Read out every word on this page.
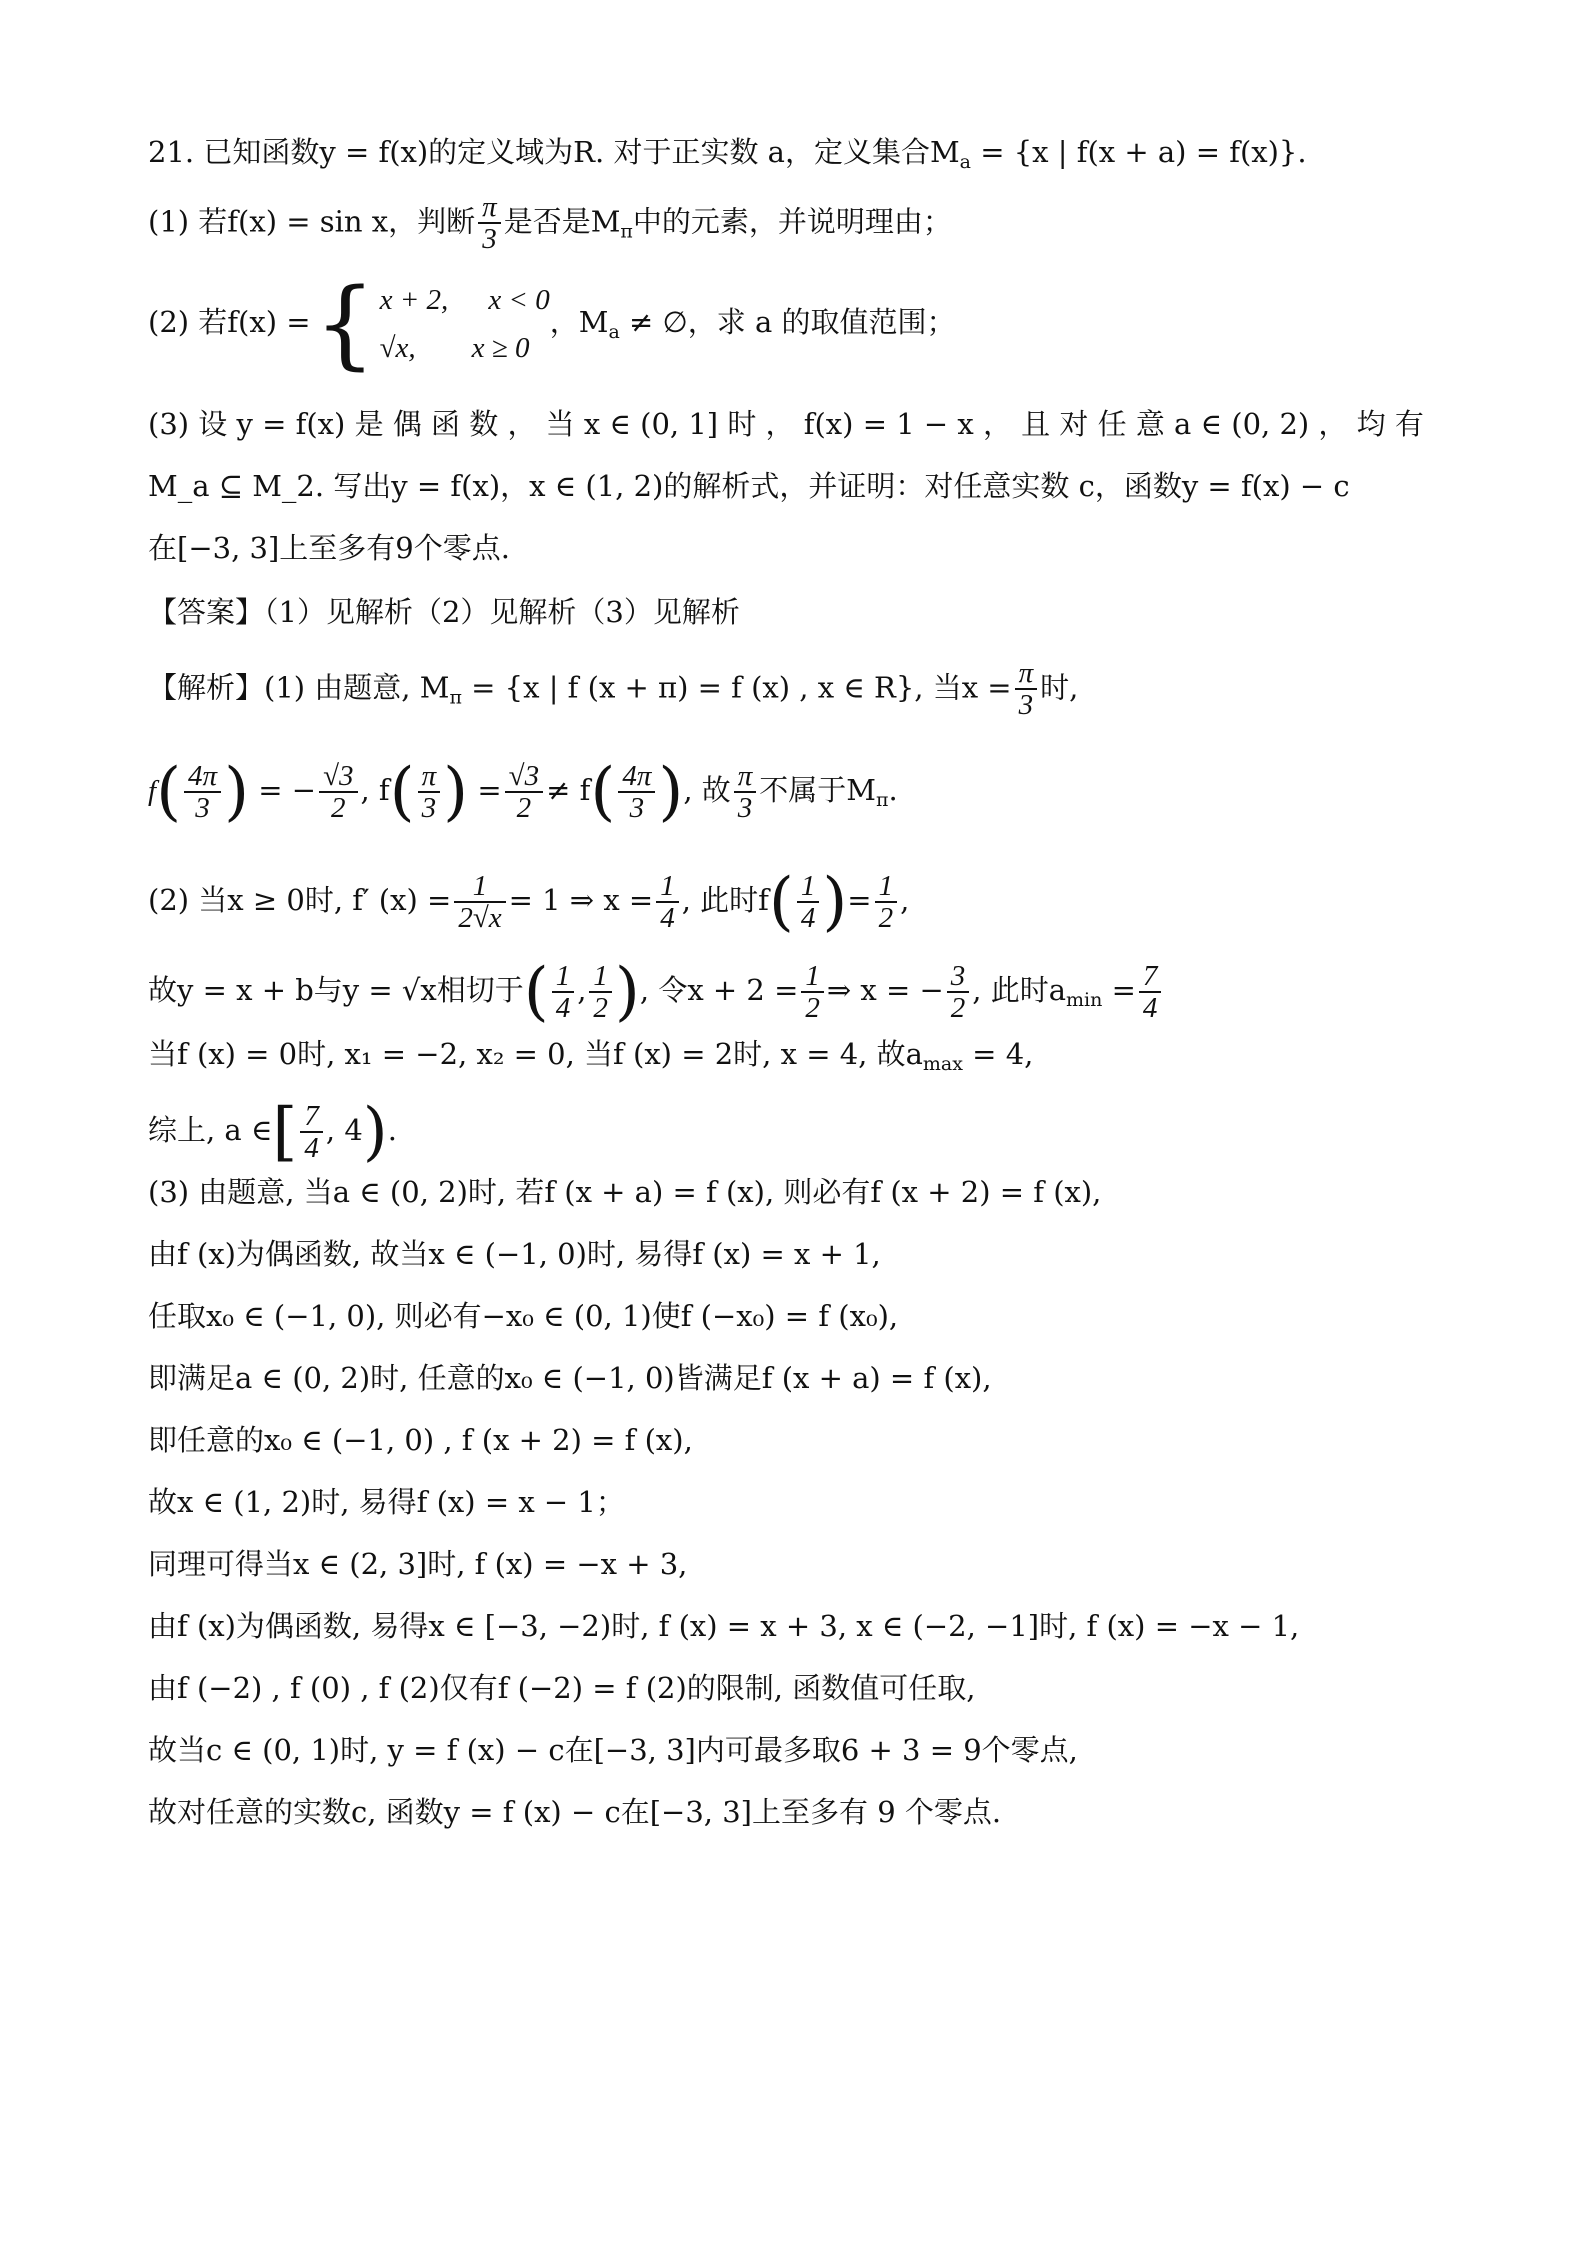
21. 已知函数y = f(x)的定义域为R. 对于正实数 a，定义集合$M_a = \{x$ | f(x + a) = f(x)}.
(1) 若f(x) = sin x，判断 $\frac{\pi}{3}$ 是否是$M_\pi$中的元素，并说明理由；
(2) 若f(x) ={ x + 2, x < 0
√x, x ≥ 0
，$M_a$ ≠ ∅，求 a 的取值范围；
(3) 设 y = f(x) 是 偶 函 数 ， 当 x ∈ (0, 1] 时 ， f(x) = 1 − x ， 且 对 任 意 a ∈ (0, 2) ， 均 有
M_a ⊆ M_2. 写出y = f(x)，x ∈ (1, 2)的解析式，并证明：对任意实数 c，函数y = f(x) − c
在[−3, 3]上至多有9个零点.
【答案】（1）见解析（2）见解析（3）见解析
【解析】(1) 由题意, $M_\pi = \{x$ | f (x + π) = f (x) , x ∈ R}, 当$x = \frac{\pi}{3}$ 时,
$f( \frac{4\pi}{3}$ ) = − $\frac{√3}{2}$ , $f( \frac{\pi}{3}$ ) = $\frac{√3}{2} \ne f( \frac{4\pi}{3}$ ), 故 $\frac{\pi}{3}$ 不属于$M_\pi$.
(2) 当x ≥ 0时, f′ $(x) = \frac{1}{2√x} = 1$ ⇒ $x = \frac{1}{4}$ , 此时$f( \frac{1}{4}$ )= $\frac{1}{2}$ ,
故y = x + b与y = √x相切于( $\frac{1}{4}$ , $\frac{1}{2}$ ), 令$x + 2 = \frac{1}{2}$ ⇒ x = − $\frac{3}{2}$ , 此时$a_{min} = \frac{7}{4}$
当f (x) = 0时, x₁ = −2, x₂ = 0, 当f (x) = 2时, x = 4, 故$a_{max} = 4$,
综上, a ∈[ $\frac{7}{4}$ , 4).
(3) 由题意, 当a ∈ (0, 2)时, 若f (x + a) = f (x), 则必有f (x + 2) = f (x),
由f (x)为偶函数, 故当x ∈ (−1, 0)时, 易得f (x) = x + 1,
任取x₀ ∈ (−1, 0), 则必有−x₀ ∈ (0, 1)使f (−x₀) = f (x₀),
即满足a ∈ (0, 2)时, 任意的x₀ ∈ (−1, 0)皆满足f (x + a) = f (x),
即任意的x₀ ∈ (−1, 0) , f (x + 2) = f (x),
故x ∈ (1, 2)时, 易得f (x) = x − 1；
同理可得当x ∈ (2, 3]时, f (x) = −x + 3,
由f (x)为偶函数, 易得x ∈ [−3, −2)时, f (x) = x + 3, x ∈ (−2, −1]时, f (x) = −x − 1,
由f (−2) , f (0) , f (2)仅有f (−2) = f (2)的限制, 函数值可任取,
故当c ∈ (0, 1)时, y = f (x) − c在[−3, 3]内可最多取6 + 3 = 9个零点,
故对任意的实数c, 函数y = f (x) − c在[−3, 3]上至多有 9 个零点.
